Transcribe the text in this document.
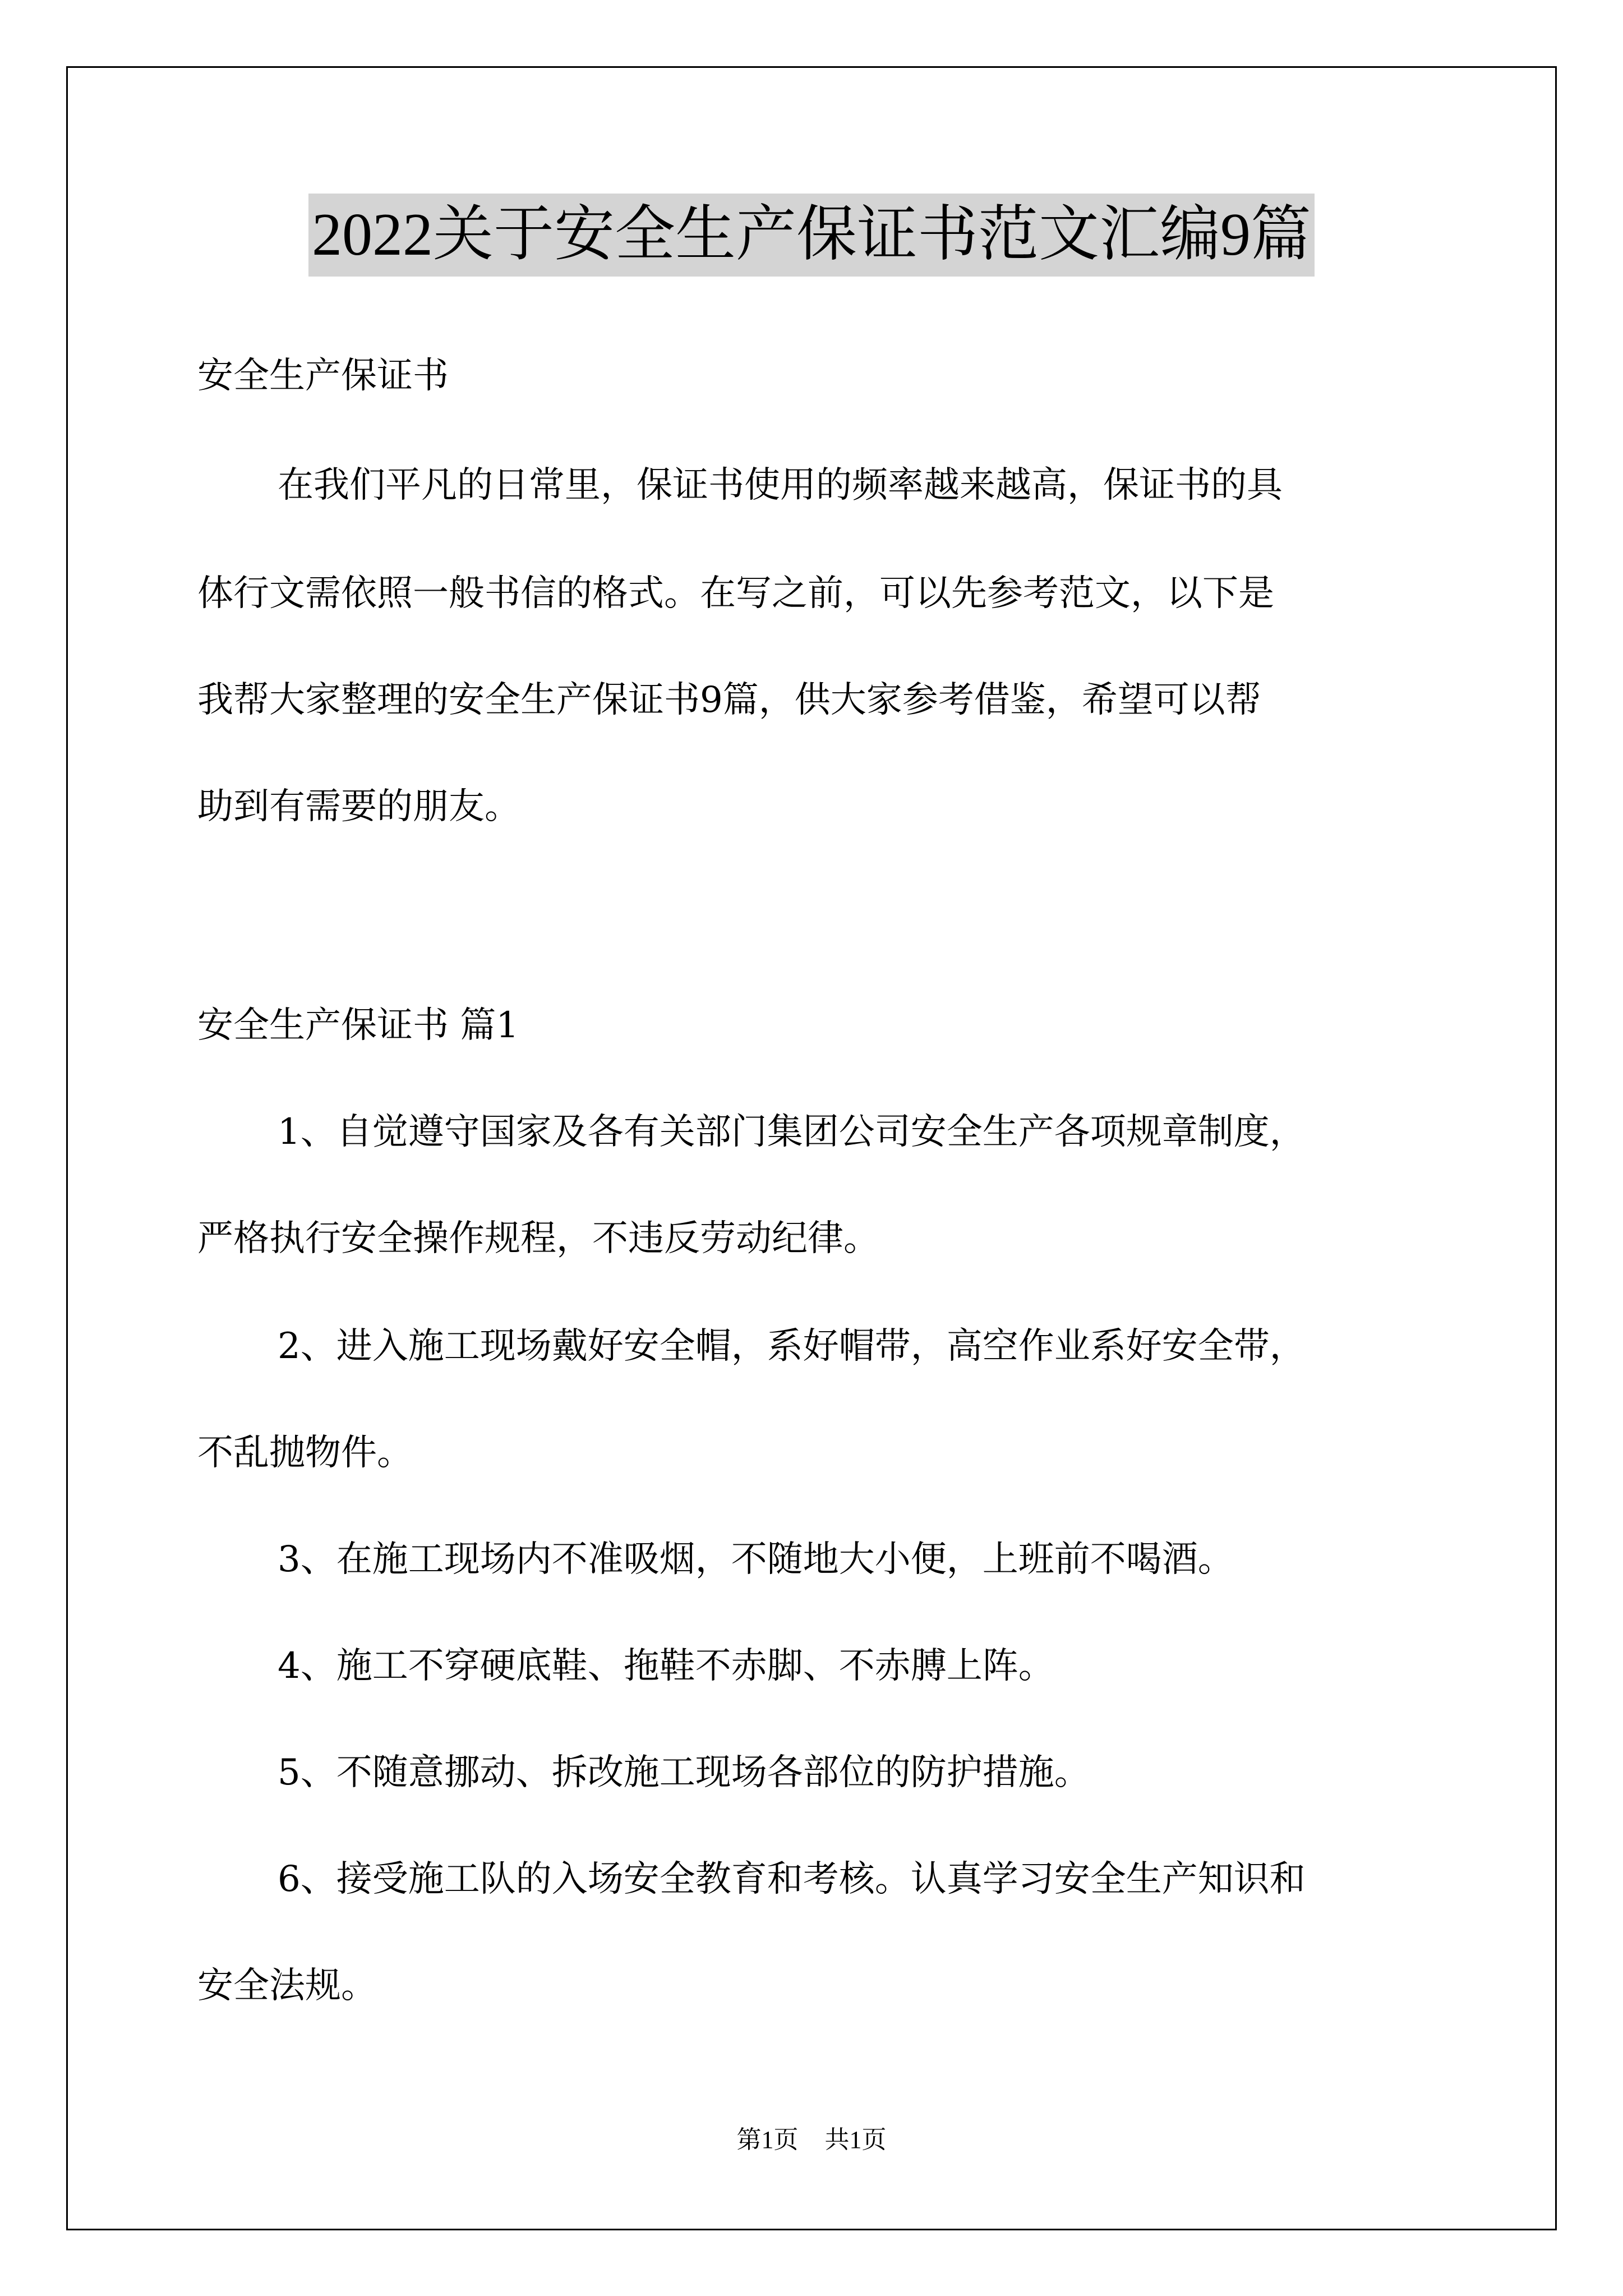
2022关于安全生产保证书范文汇编9篇
安全生产保证书
在我们平凡的日常里，保证书使用的频率越来越高，保证书的具
体行文需依照一般书信的格式。在写之前，可以先参考范文，以下是
我帮大家整理的安全生产保证书9篇，供大家参考借鉴，希望可以帮
助到有需要的朋友。
安全生产保证书 篇1
1、自觉遵守国家及各有关部门集团公司安全生产各项规章制度，
严格执行安全操作规程，不违反劳动纪律。
2、进入施工现场戴好安全帽，系好帽带，高空作业系好安全带，
不乱抛物件。
3、在施工现场内不准吸烟，不随地大小便，上班前不喝酒。
4、施工不穿硬底鞋、拖鞋不赤脚、不赤膊上阵。
5、不随意挪动、拆改施工现场各部位的防护措施。
6、接受施工队的入场安全教育和考核。认真学习安全生产知识和
安全法规。
第1页 共1页
